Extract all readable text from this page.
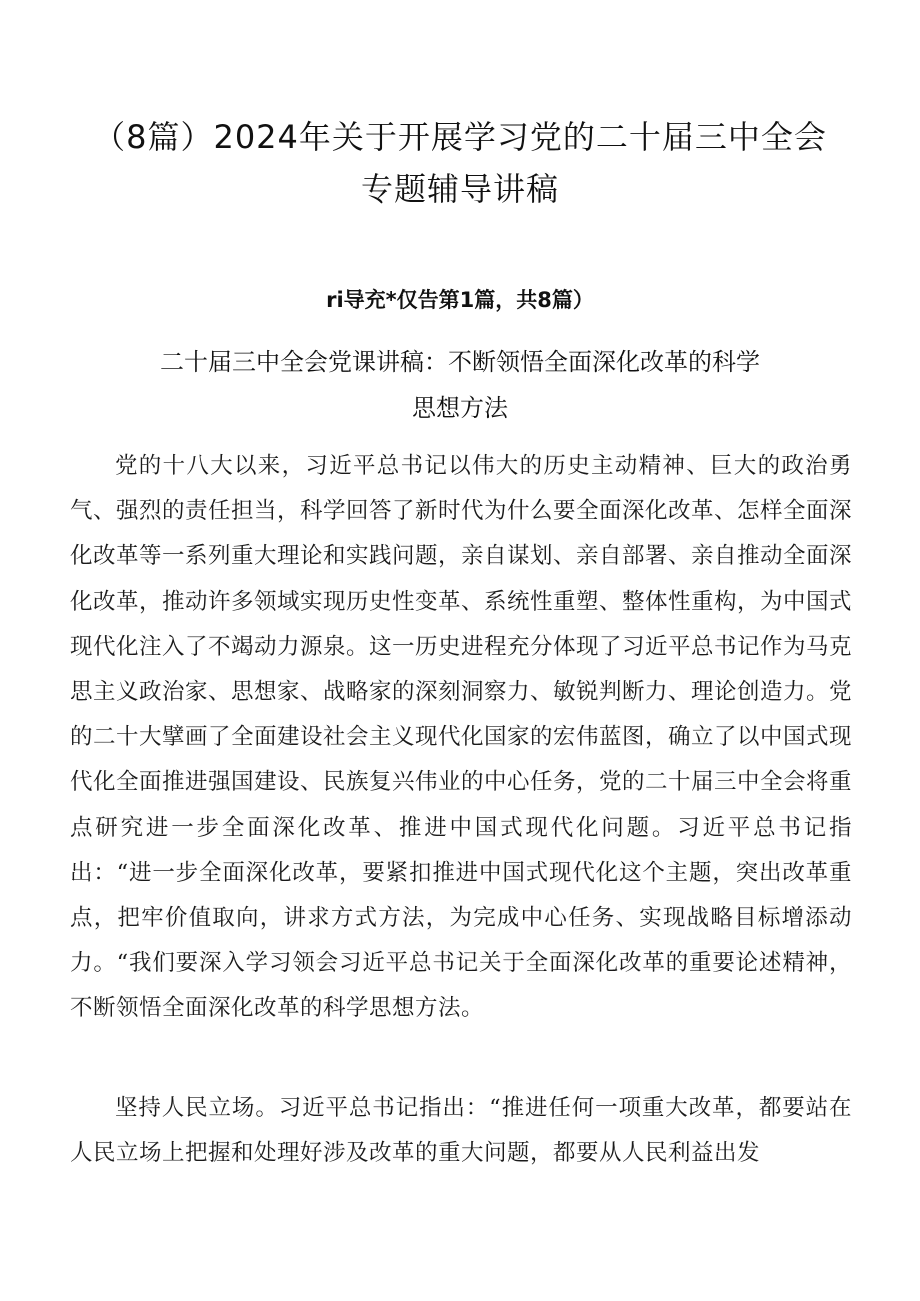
（8篇）2024年关于开展学习党的二十届三中全会
专题辅导讲稿
ri导充*仅告第1篇，共8篇）
二十届三中全会党课讲稿：不断领悟全面深化改革的科学
思想方法

党的十八大以来，习近平总书记以伟大的历史主动精神、巨大的政治勇气、强烈的责任担当，科学回答了新时代为什么要全面深化改革、怎样全面深化改革等一系列重大理论和实践问题，亲自谋划、亲自部署、亲自推动全面深化改革，推动许多领域实现历史性变革、系统性重塑、整体性重构，为中国式现代化注入了不竭动力源泉。这一历史进程充分体现了习近平总书记作为马克思主义政治家、思想家、战略家的深刻洞察力、敏锐判断力、理论创造力。党的二十大擘画了全面建设社会主义现代化国家的宏伟蓝图，确立了以中国式现代化全面推进强国建设、民族复兴伟业的中心任务，党的二十届三中全会将重点研究进一步全面深化改革、推进中国式现代化问题。习近平总书记指出：“进一步全面深化改革，要紧扣推进中国式现代化这个主题，突出改革重点，把牢价值取向，讲求方式方法，为完成中心任务、实现战略目标增添动力。“我们要深入学习领会习近平总书记关于全面深化改革的重要论述精神，不断领悟全面深化改革的科学思想方法。

坚持人民立场。习近平总书记指出：“推进任何一项重大改革，都要站在人民立场上把握和处理好涉及改革的重大问题，都要从人民利益出发
